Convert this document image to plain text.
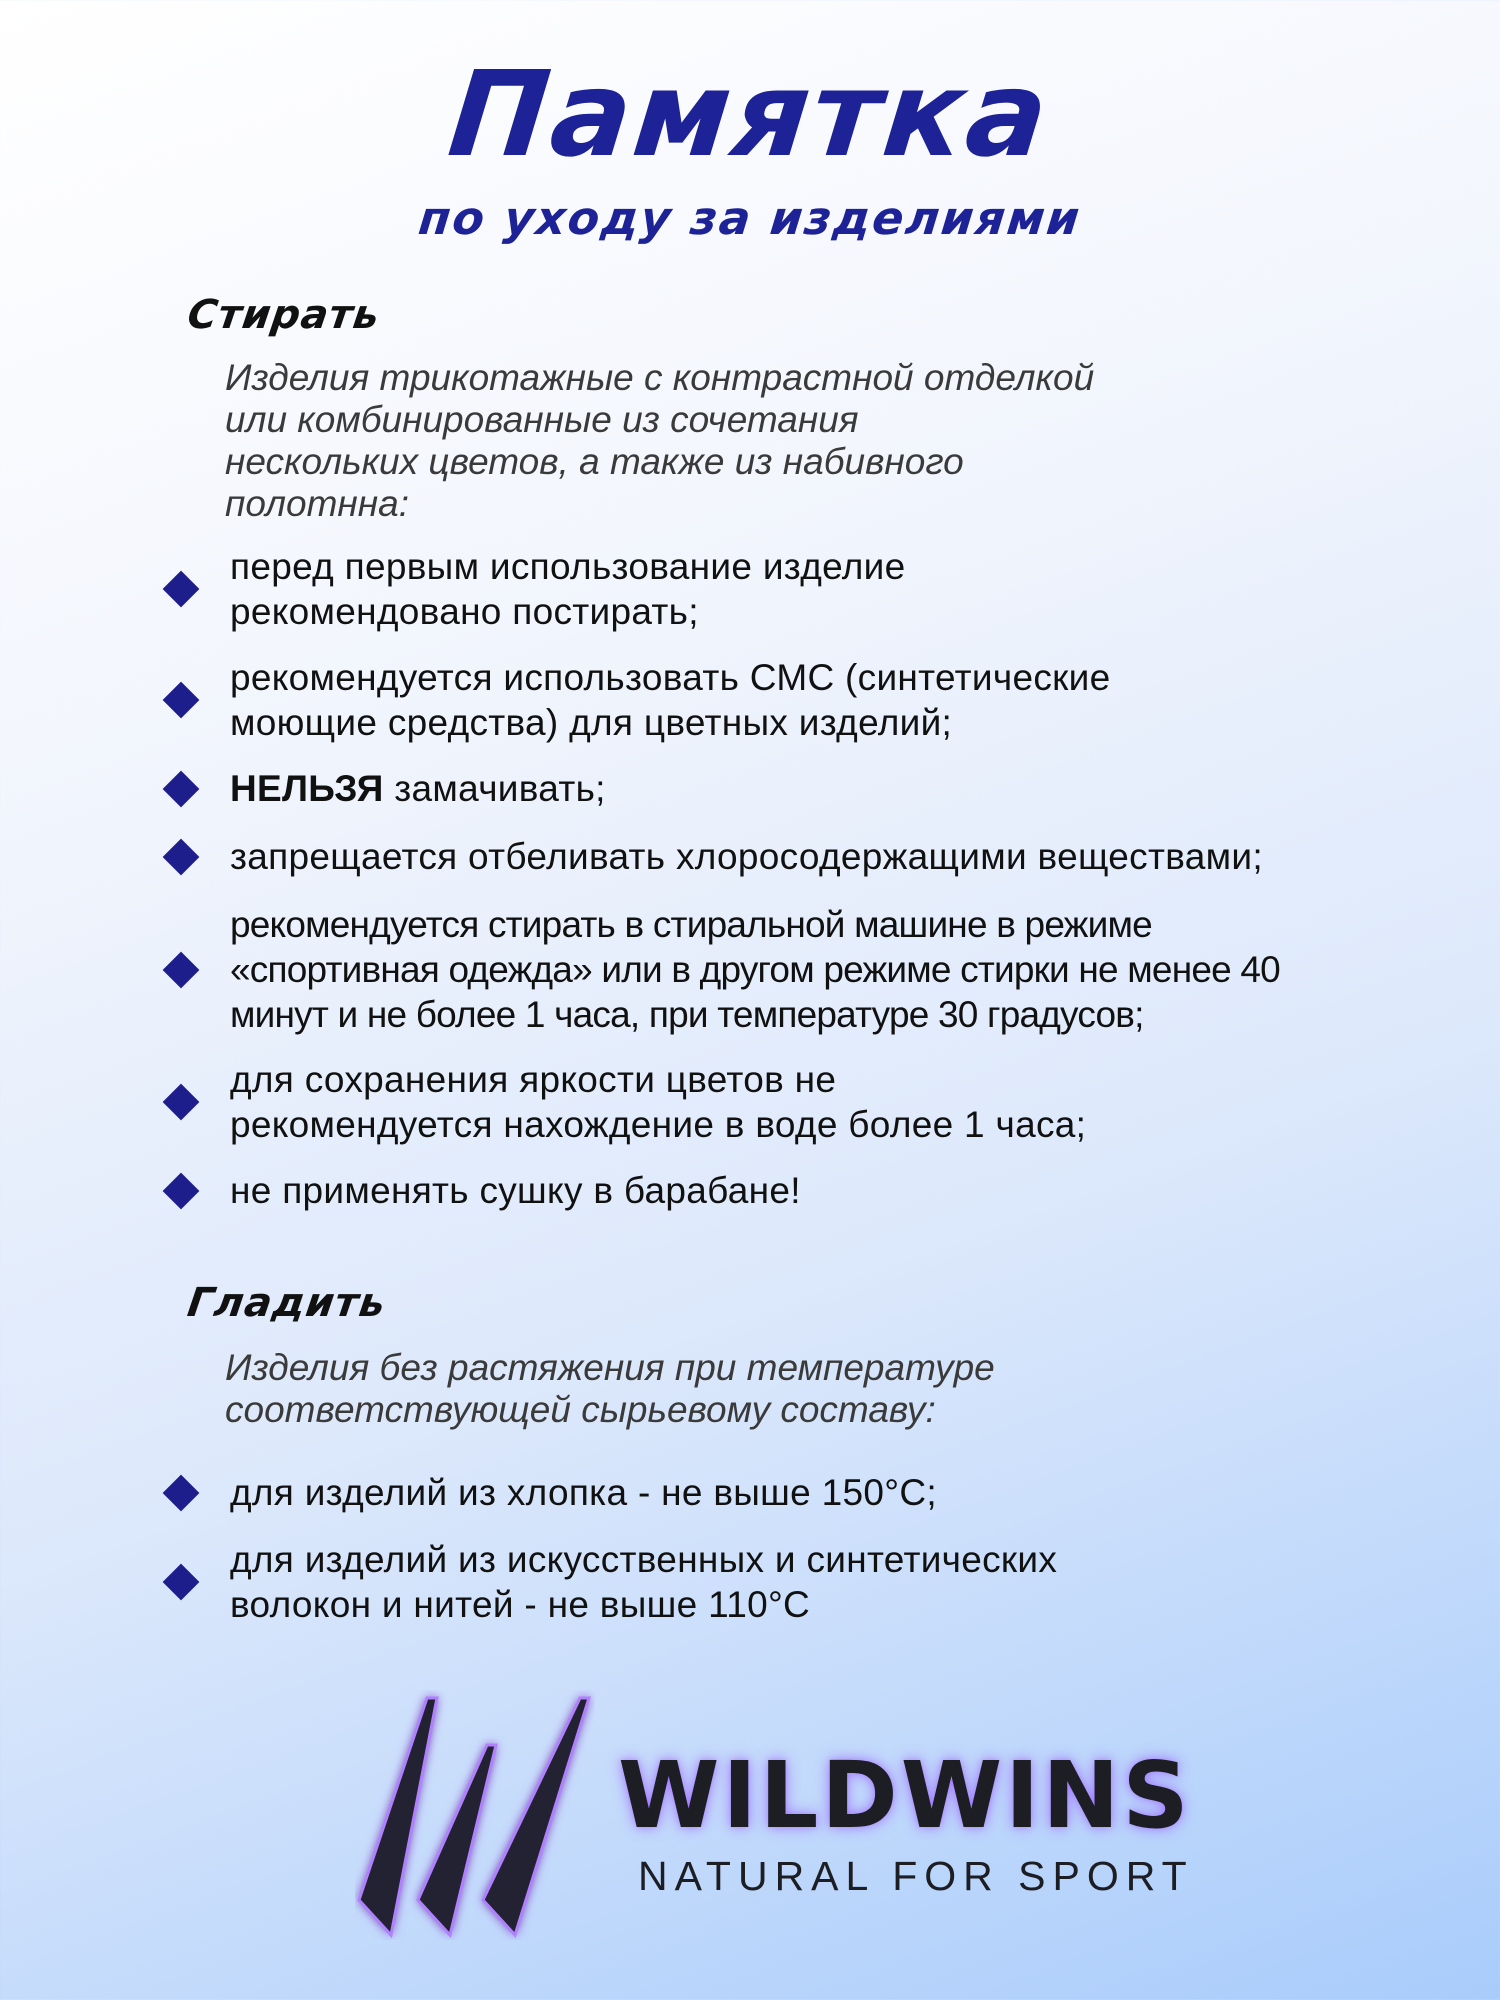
Памятка
по уходу за изделиями
Стирать

Изделия трикотажные с контрастной отделкой
или комбинированные из сочетания
нескольких цветов, а также из набивного
полотнна:

перед первым использование изделие
рекомендовано постирать;
рекомендуется использовать СМС (синтетические
моющие средства) для цветных изделий;
НЕЛЬЗЯ замачивать;
запрещается отбеливать хлоросодержащими веществами;
рекомендуется стирать в стиральной машине в режиме
«спортивная одежда» или в другом режиме стирки не менее 40
минут и не более 1 часа, при температуре 30 градусов;
для сохранения яркости цветов не
рекомендуется нахождение в воде более 1 часа;
не применять сушку в барабане!
Гладить

Изделия без растяжения при температуре
соответствующей сырьевому составу:

для изделий из хлопка - не выше 150°C;
для изделий из искусственных и синтетических
волокон и нитей - не выше 110°C
WILDWINS
NATURAL FOR SPORT
